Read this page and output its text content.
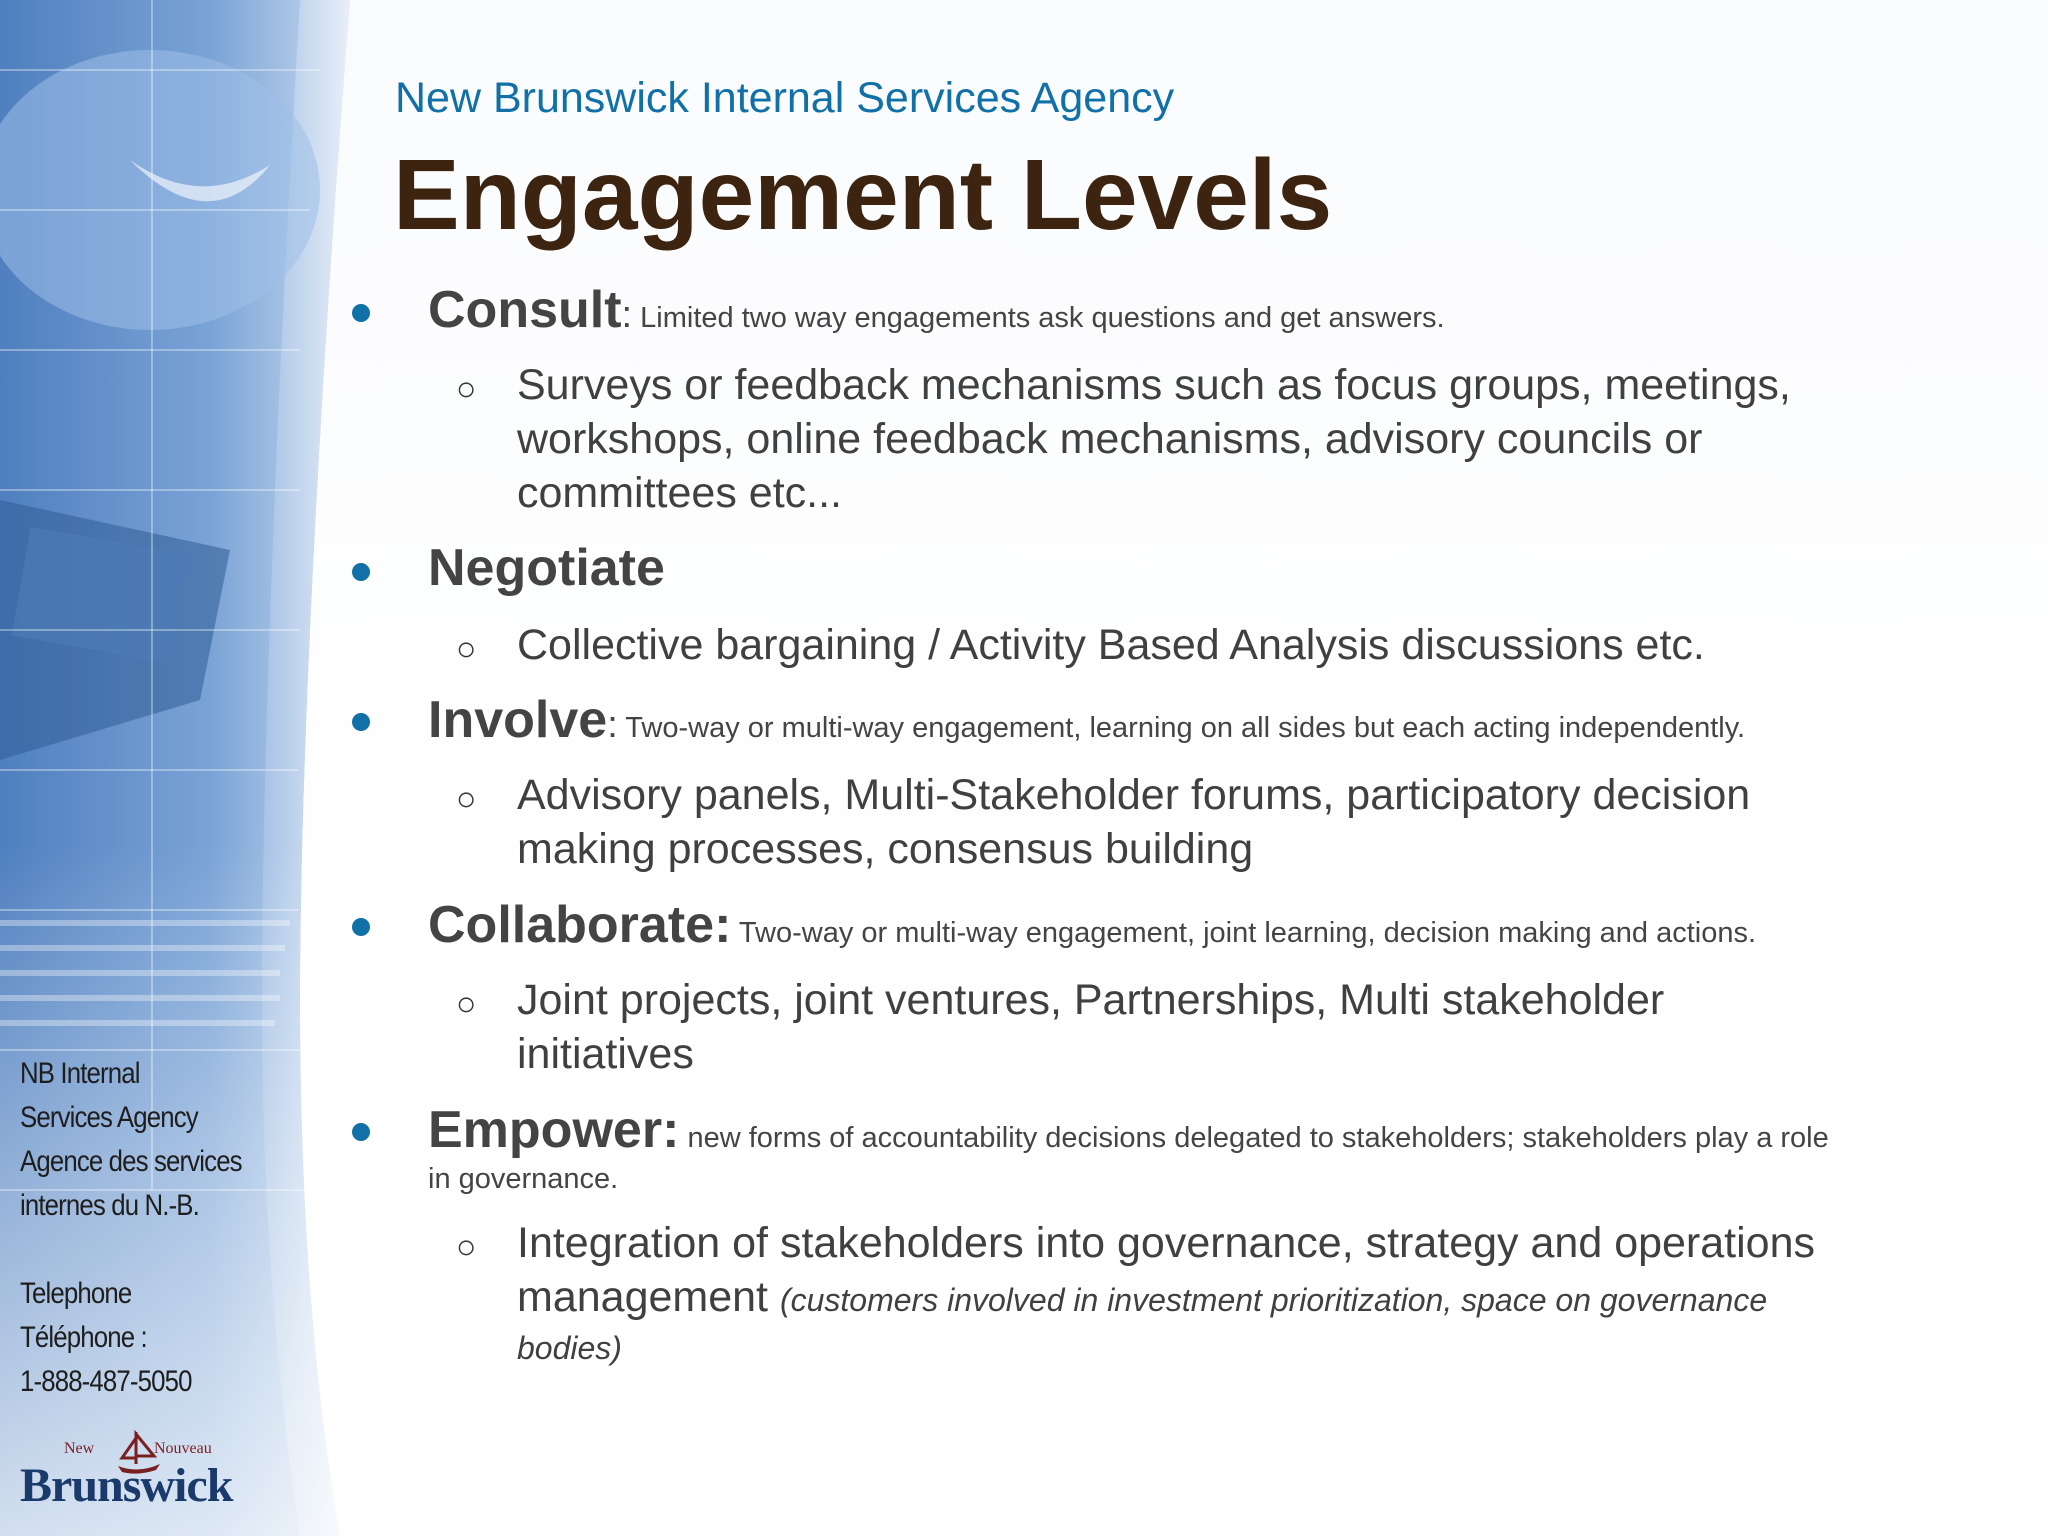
NB Internal
Services Agency
Agence des services
internes du N.-B.
Telephone
Téléphone :
1-888-487-5050
New	Nouveau
Brunswick
New Brunswick Internal Services Agency
Engagement Levels
Consult: Limited two way engagements ask questions and get answers.
○ Surveys or feedback mechanisms such as focus groups, meetings,
workshops, online feedback mechanisms, advisory councils or
committees etc...
Negotiate
○ Collective bargaining / Activity Based Analysis discussions etc.
Involve: Two-way or multi-way engagement, learning on all sides but each acting independently.
○ Advisory panels, Multi-Stakeholder forums, participatory decision
making processes, consensus building
Collaborate: Two-way or multi-way engagement, joint learning, decision making and actions.
○ Joint projects, joint ventures, Partnerships, Multi stakeholder
initiatives
Empower: new forms of accountability decisions delegated to stakeholders; stakeholders play a role
in governance.
○ Integration of stakeholders into governance, strategy and operations
management (customers involved in investment prioritization, space on governance
bodies)
